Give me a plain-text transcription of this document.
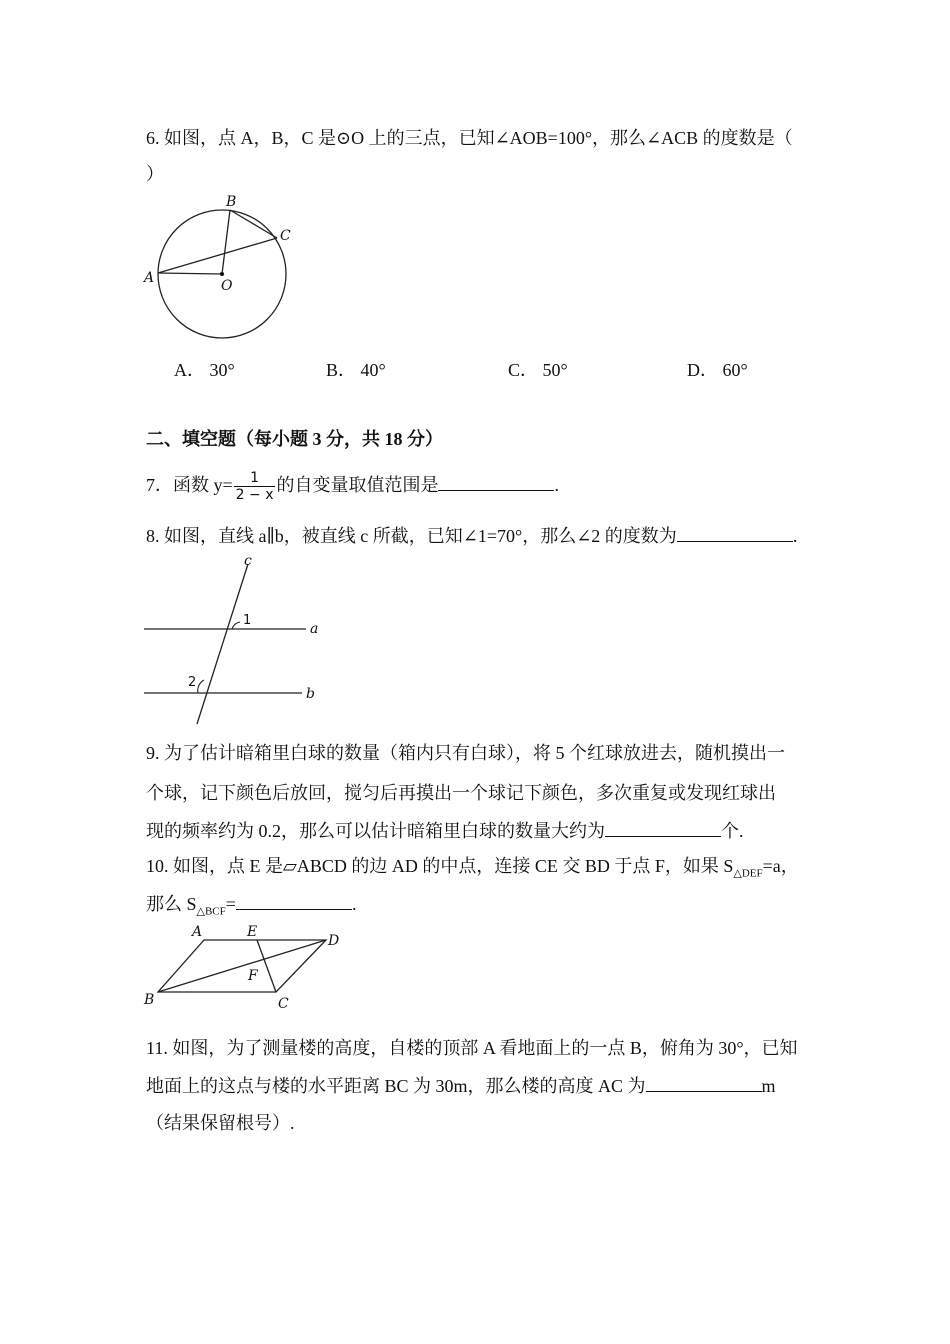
6. 如图，点 A，B，C 是⊙O 上的三点，已知∠AOB=100°，那么∠ACB 的度数是（
）
B
C
A	O
A． 30°	B． 40°	C． 50°	D． 60°
二、填空题（每小题 3 分，共 18 分）
7．函数 $y= \frac{1}{2 - x}$ 的自变量取值范围是	.
8. 如图，直线 a∥b，被直线 c 所截，已知∠1=70°，那么∠2 的度数为	.
c
1
a
2
b
9. 为了估计暗箱里白球的数量（箱内只有白球），将 5 个红球放进去，随机摸出一
个球，记下颜色后放回，搅匀后再摸出一个球记下颜色，多次重复或发现红球出
现的频率约为 0.2，那么可以估计暗箱里白球的数量大约为	个.
10. 如图，点 E 是▱ABCD 的边 AD 的中点，连接 CE 交 BD 于点 F，如果 $S_{\triangle DEF}=a$，
那么 $S_{\triangle BCF}=$	.
A	E
D
F
B	C
11. 如图，为了测量楼的高度，自楼的顶部 A 看地面上的一点 B，俯角为 30°，已知
地面上的这点与楼的水平距离 BC 为 30m，那么楼的高度 AC 为	m
（结果保留根号）.
